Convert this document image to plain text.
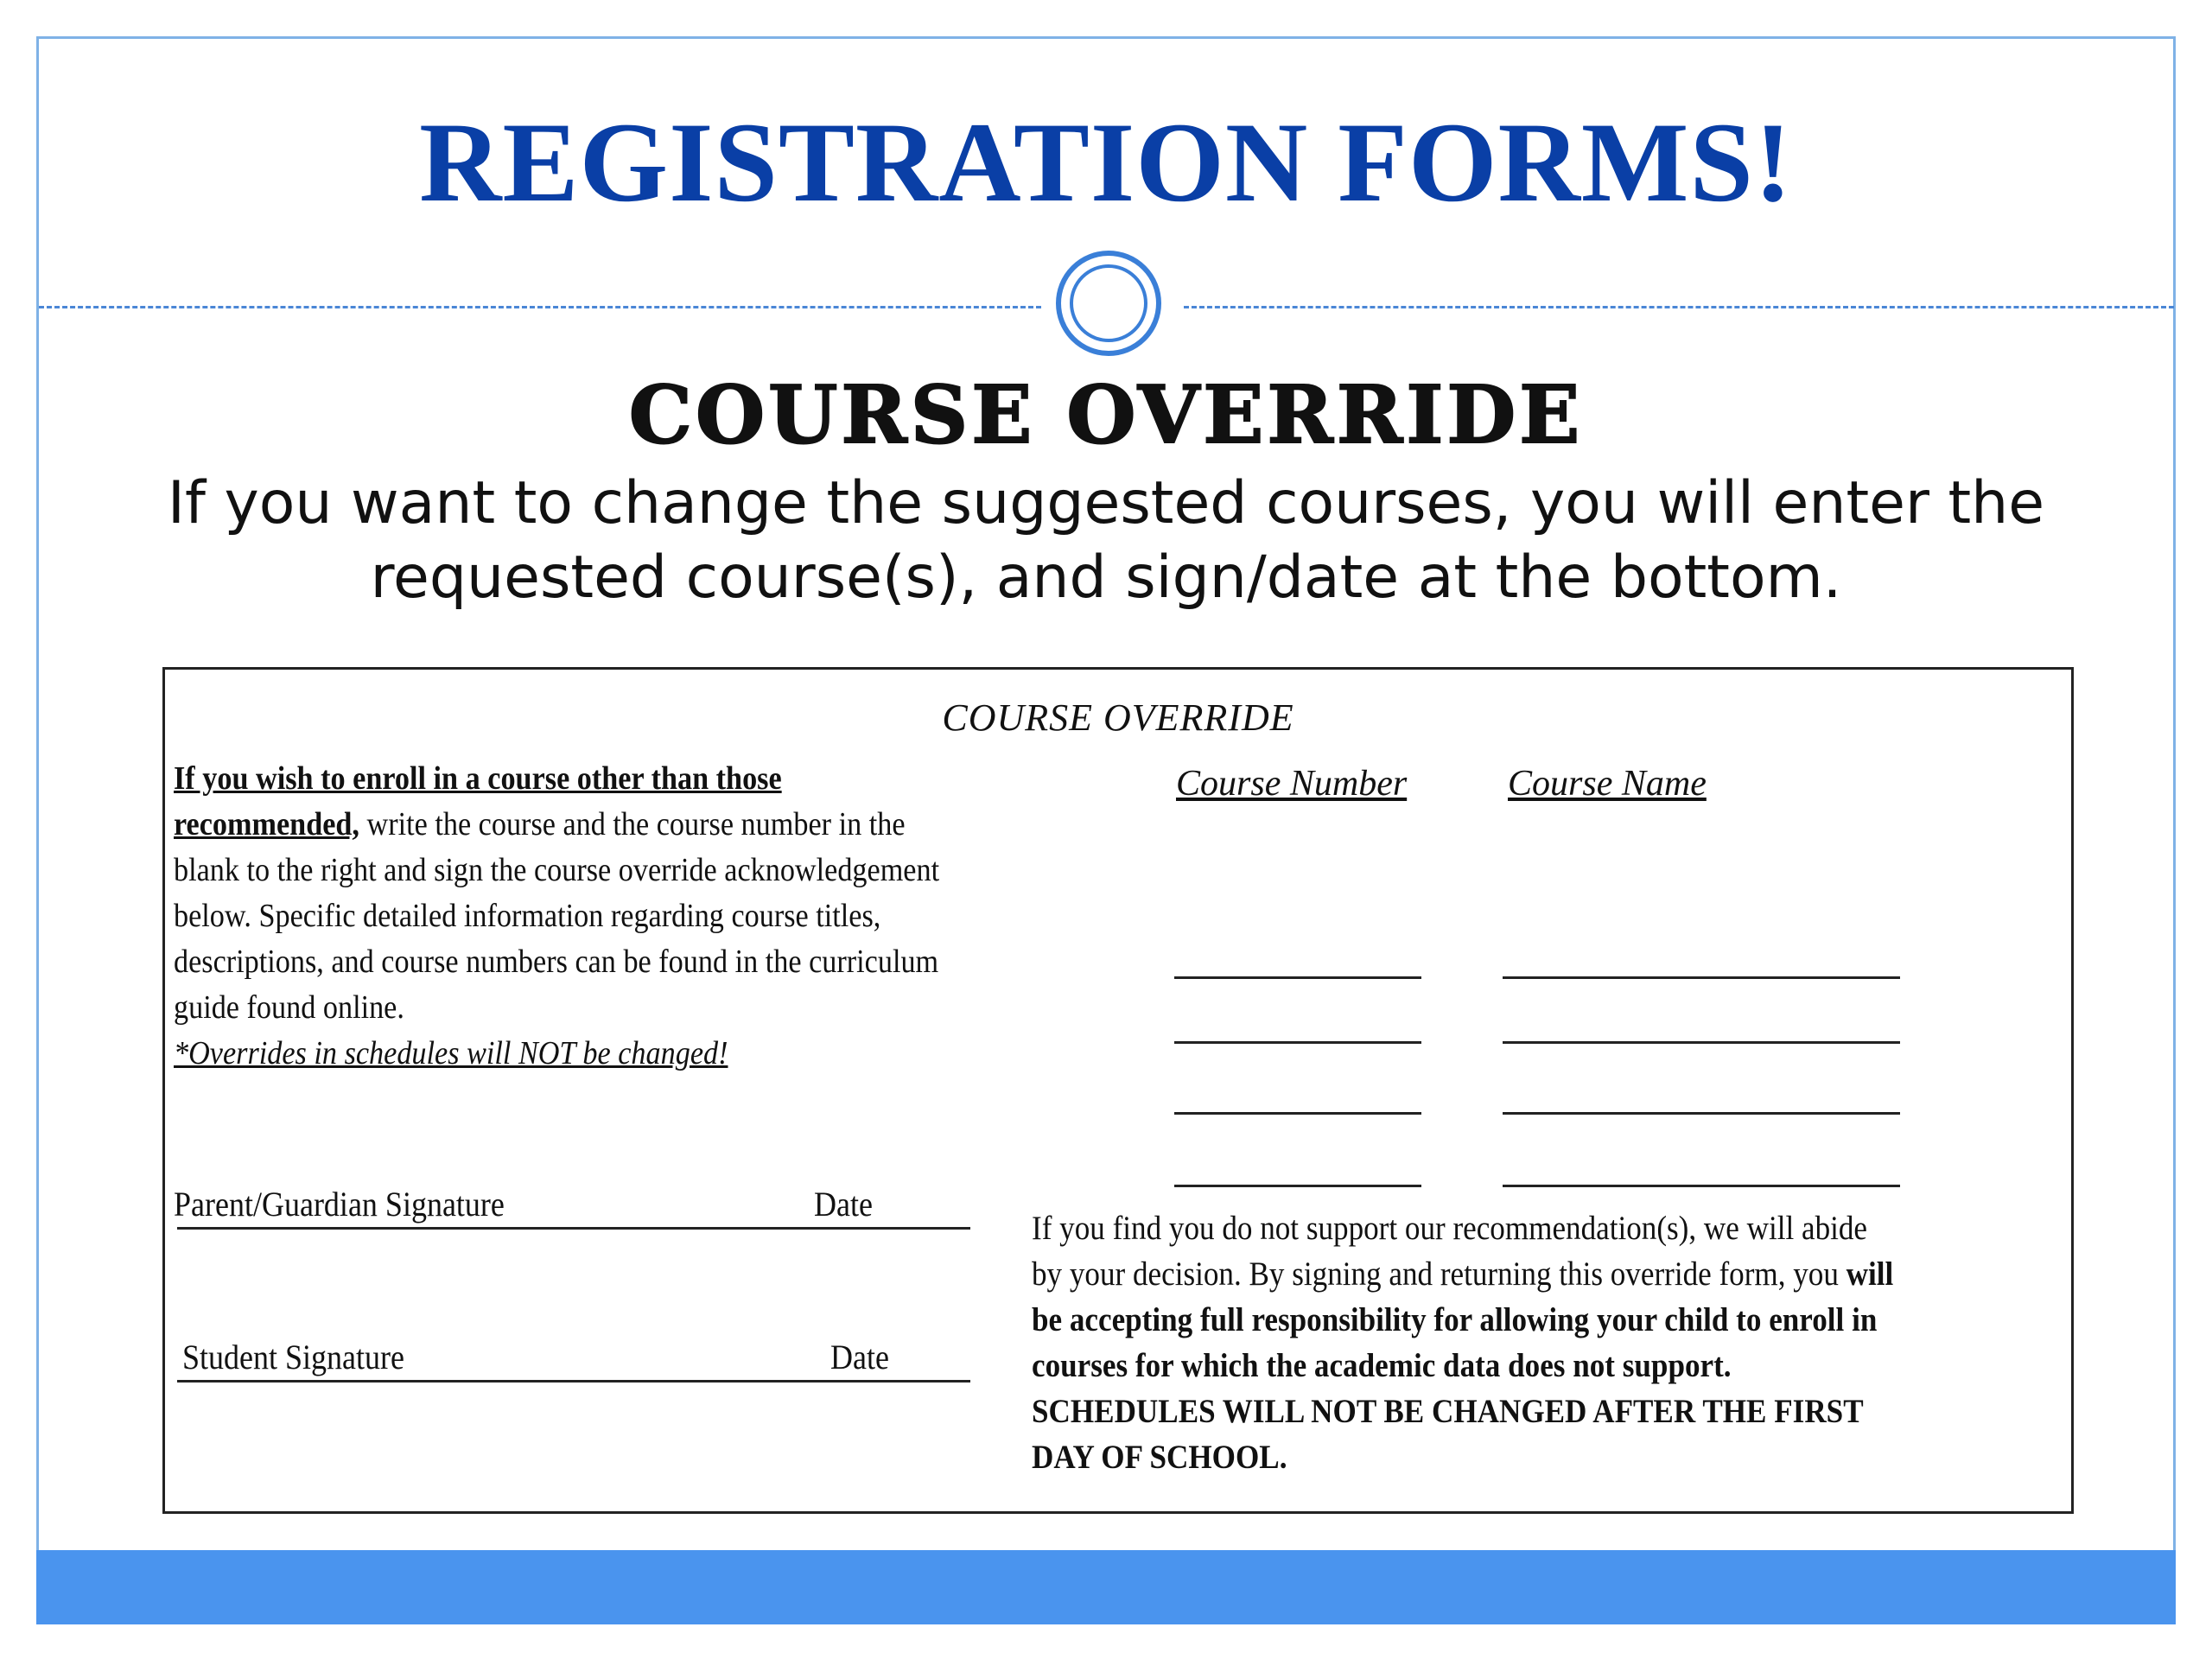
REGISTRATION FORMS!
COURSE OVERRIDE
If you want to change the suggested courses, you will enter the requested course(s), and sign/date at the bottom.
COURSE OVERRIDE
If you wish to enroll in a course other than those recommended, write the course and the course number in the blank to the right and sign the course override acknowledgement below. Specific detailed information regarding course titles, descriptions, and course numbers can be found in the curriculum guide found online.
*Overrides in schedules will NOT be changed!
Course Number	Course Name
Parent/Guardian Signature	Date
Student Signature	Date
If you find you do not support our recommendation(s), we will abide by your decision. By signing and returning this override form, you will be accepting full responsibility for allowing your child to enroll in courses for which the academic data does not support. SCHEDULES WILL NOT BE CHANGED AFTER THE FIRST DAY OF SCHOOL.
